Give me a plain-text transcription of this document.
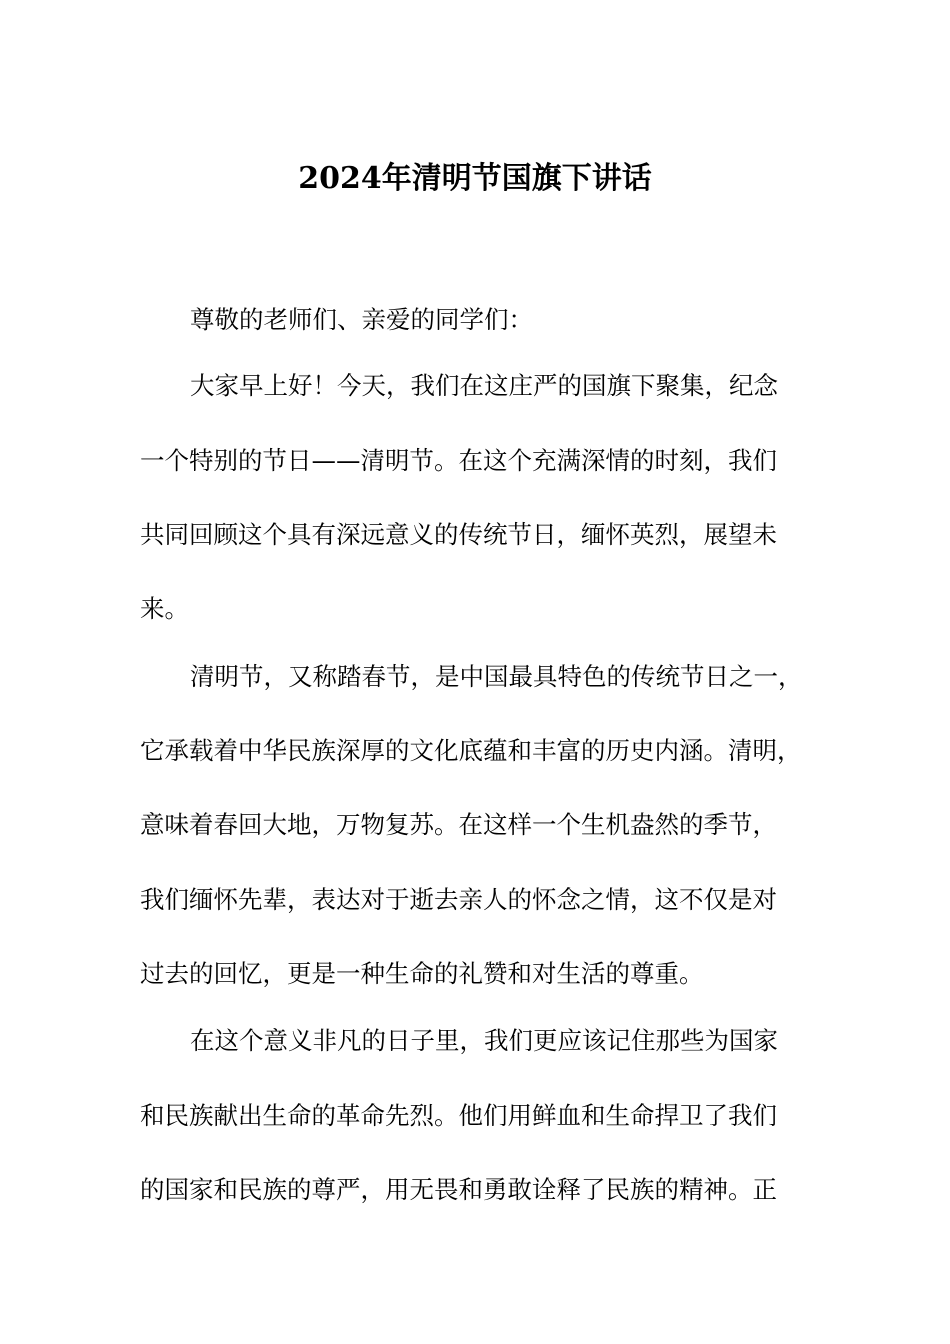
2024年清明节国旗下讲话
尊敬的老师们、亲爱的同学们：
大家早上好！今天，我们在这庄严的国旗下聚集，纪念
一个特别的节日——清明节。在这个充满深情的时刻，我们
共同回顾这个具有深远意义的传统节日，缅怀英烈，展望未
来。
清明节，又称踏春节，是中国最具特色的传统节日之一，
它承载着中华民族深厚的文化底蕴和丰富的历史内涵。清明，
意味着春回大地，万物复苏。在这样一个生机盎然的季节，
我们缅怀先辈，表达对于逝去亲人的怀念之情，这不仅是对
过去的回忆，更是一种生命的礼赞和对生活的尊重。
在这个意义非凡的日子里，我们更应该记住那些为国家
和民族献出生命的革命先烈。他们用鲜血和生命捍卫了我们
的国家和民族的尊严，用无畏和勇敢诠释了民族的精神。正
